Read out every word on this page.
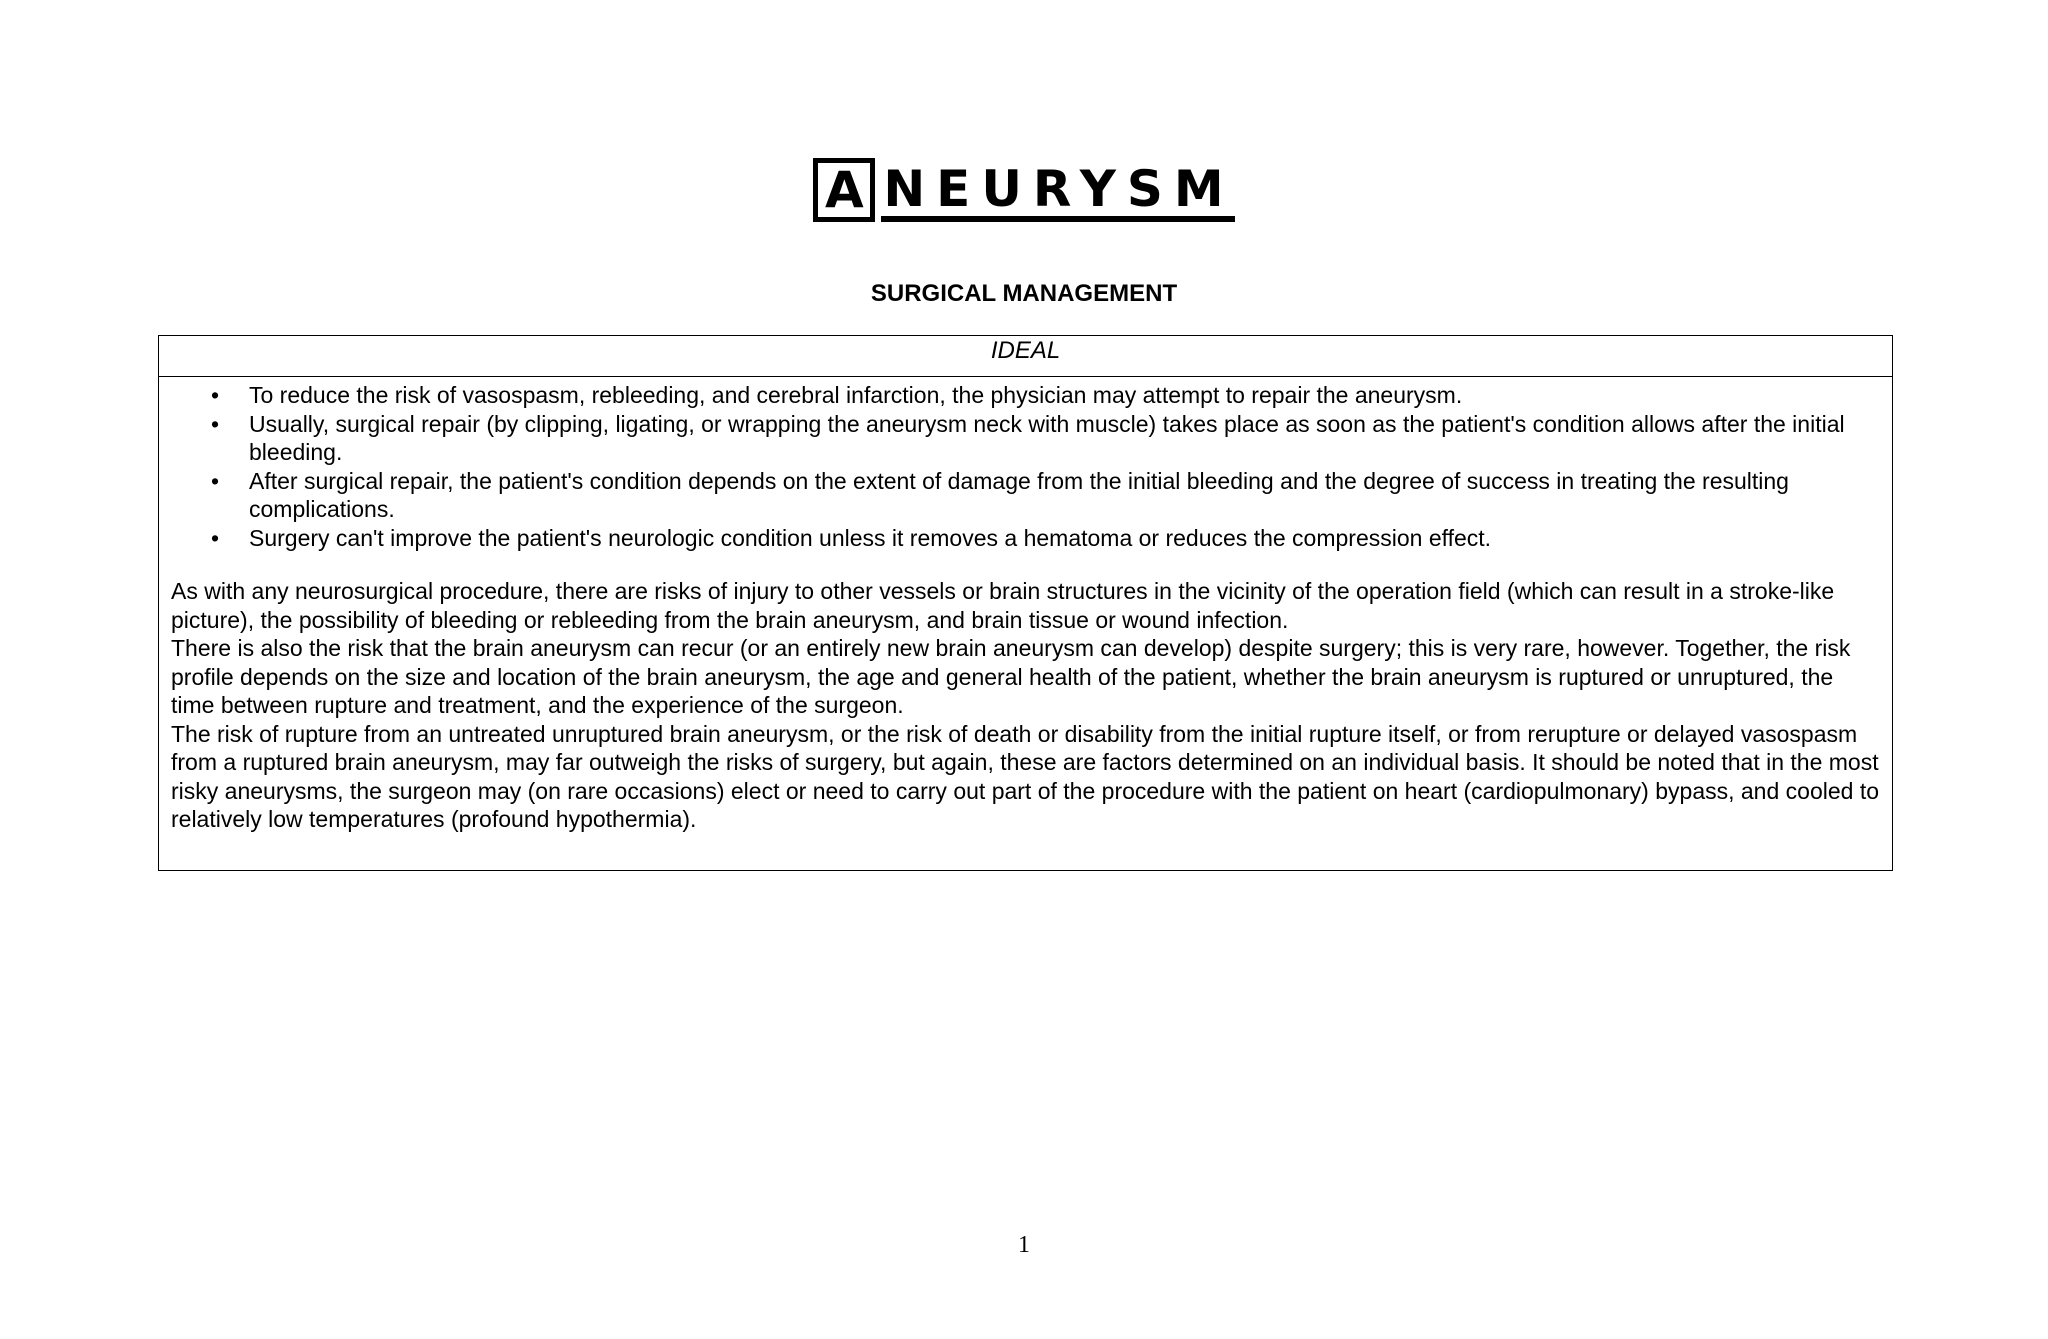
A NEURYSM
SURGICAL MANAGEMENT
IDEAL
• To reduce the risk of vasospasm, rebleeding, and cerebral infarction, the physician may attempt to repair the aneurysm.
• Usually, surgical repair (by clipping, ligating, or wrapping the aneurysm neck with muscle) takes place as soon as the patient's condition allows after the initial bleeding.
• After surgical repair, the patient's condition depends on the extent of damage from the initial bleeding and the degree of success in treating the resulting complications.
• Surgery can't improve the patient's neurologic condition unless it removes a hematoma or reduces the compression effect.

As with any neurosurgical procedure, there are risks of injury to other vessels or brain structures in the vicinity of the operation field (which can result in a stroke-like picture), the possibility of bleeding or rebleeding from the brain aneurysm, and brain tissue or wound infection.

There is also the risk that the brain aneurysm can recur (or an entirely new brain aneurysm can develop) despite surgery; this is very rare, however. Together, the risk profile depends on the size and location of the brain aneurysm, the age and general health of the patient, whether the brain aneurysm is ruptured or unruptured, the time between rupture and treatment, and the experience of the surgeon.

The risk of rupture from an untreated unruptured brain aneurysm, or the risk of death or disability from the initial rupture itself, or from rerupture or delayed vasospasm from a ruptured brain aneurysm, may far outweigh the risks of surgery, but again, these are factors determined on an individual basis. It should be noted that in the most risky aneurysms, the surgeon may (on rare occasions) elect or need to carry out part of the procedure with the patient on heart (cardiopulmonary) bypass, and cooled to relatively low temperatures (profound hypothermia).

1
